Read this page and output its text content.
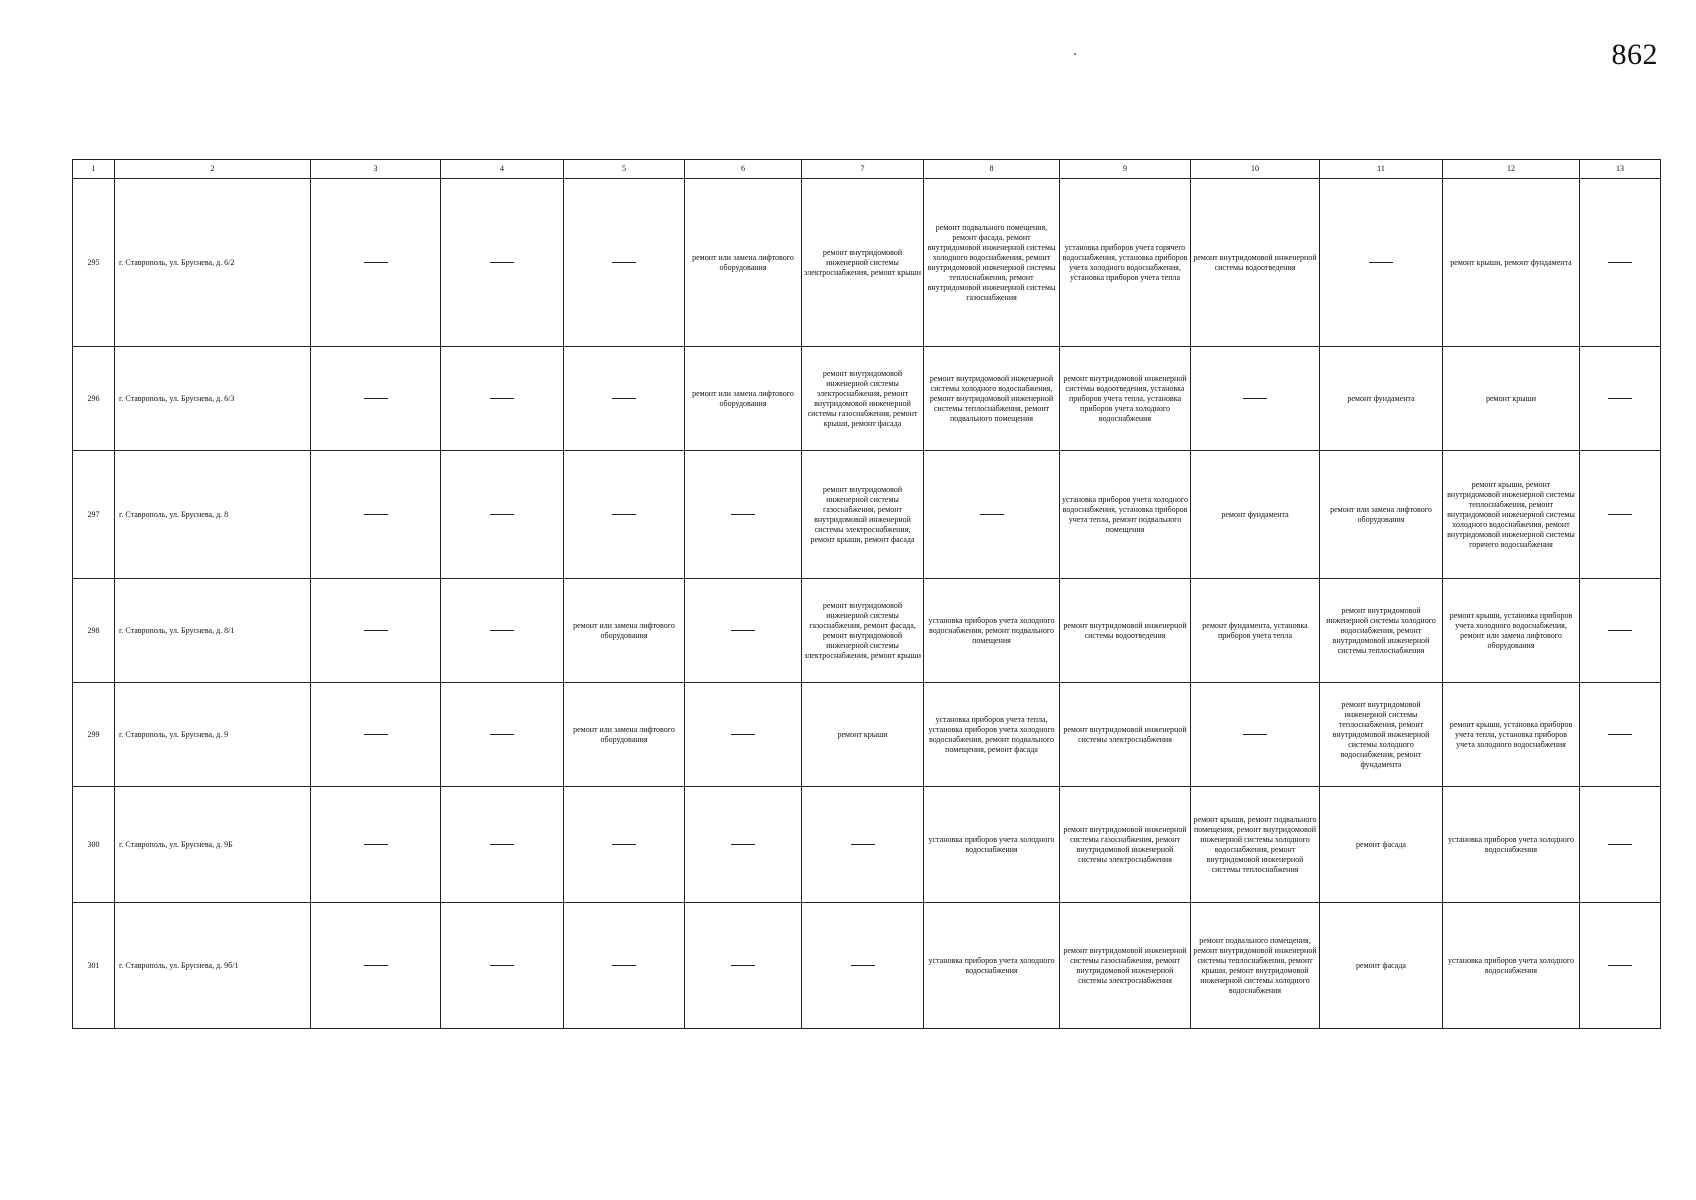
862
1	2	3	4	5	6	7	8	9	10	11	12	13
295	г. Ставрополь, ул. Бруснева, д. 6/2				ремонт или замена лифтового оборудования	ремонт внутридомовой инженерной системы электроснабжения, ремонт крыши	ремонт подвального помещения, ремонт фасада, ремонт внутридомовой инженерной системы холодного водоснабжения, ремонт внутридомовой инженерной системы теплоснабжения, ремонт внутридомовой инженерной системы газоснабжения	установка приборов учета горячего водоснабжения, установка приборов учета холодного водоснабжения, установка приборов учета тепла	ремонт внутридомовой инженерной системы водоотведения		ремонт крыши, ремонт фундамента	
296	г. Ставрополь, ул. Бруснева, д. 6/3				ремонт или замена лифтового оборудования	ремонт внутридомовой инженерной системы электроснабжения, ремонт внутридомовой инженерной системы газоснабжения, ремонт крыши, ремонт фасада	ремонт внутридомовой инженерной системы холодного водоснабжения, ремонт внутридомовой инженерной системы теплоснабжения, ремонт подвального помещения	ремонт внутридомовой инженерной системы водоотведения, установка приборов учета тепла, установка приборов учета холодного водоснабжения		ремонт фундамента	ремонт крыши	
297	г. Ставрополь, ул. Бруснева, д. 8					ремонт внутридомовой инженерной системы газоснабжения, ремонт внутридомовой инженерной системы электроснабжения, ремонт крыши, ремонт фасада		установка приборов учета холодного водоснабжения, установка приборов учета тепла, ремонт подвального помещения	ремонт фундамента	ремонт или замена лифтового оборудования	ремонт крыши, ремонт внутридомовой инженерной системы теплоснабжения, ремонт внутридомовой инженерной системы холодного водоснабжения, ремонт внутридомовой инженерной системы горячего водоснабжения	
298	г. Ставрополь, ул. Бруснева, д. 8/1			ремонт или замена лифтового оборудования		ремонт внутридомовой инженерной системы газоснабжения, ремонт фасада, ремонт внутридомовой инженерной системы электроснабжения, ремонт крыши	установка приборов учета холодного водоснабжения, ремонт подвального помещения	ремонт внутридомовой инженерной системы водоотведения	ремонт фундамента, установка приборов учета тепла	ремонт внутридомовой инженерной системы холодного водоснабжения, ремонт внутридомовой инженерной системы теплоснабжения	ремонт крыши, установка приборов учета холодного водоснабжения, ремонт или замена лифтового оборудования	
299	г. Ставрополь, ул. Бруснева, д. 9			ремонт или замена лифтового оборудования		ремонт крыши	установка приборов учета тепла, установка приборов учета холодного водоснабжения, ремонт подвального помещения, ремонт фасада	ремонт внутридомовой инженерной системы электроснабжения		ремонт внутридомовой инженерной системы теплоснабжения, ремонт внутридомовой инженерной системы холодного водоснабжения, ремонт фундамента	ремонт крыши, установка приборов учета тепла, установка приборов учета холодного водоснабжения	
300	г. Ставрополь, ул. Бруснева, д. 9Б						установка приборов учета холодного водоснабжения	ремонт внутридомовой инженерной системы газоснабжения, ремонт внутридомовой инженерной системы электроснабжения	ремонт крыши, ремонт подвального помещения, ремонт внутридомовой инженерной системы холодного водоснабжения, ремонт внутридомовой инженерной системы теплоснабжения	ремонт фасада	установка приборов учета холодного водоснабжения	
301	г. Ставрополь, ул. Бруснева, д. 9б/1						установка приборов учета холодного водоснабжения	ремонт внутридомовой инженерной системы газоснабжения, ремонт внутридомовой инженерной системы электроснабжения	ремонт подвального помещения, ремонт внутридомовой инженерной системы теплоснабжения, ремонт крыши, ремонт внутридомовой инженерной системы холодного водоснабжения	ремонт фасада	установка приборов учета холодного водоснабжения	
